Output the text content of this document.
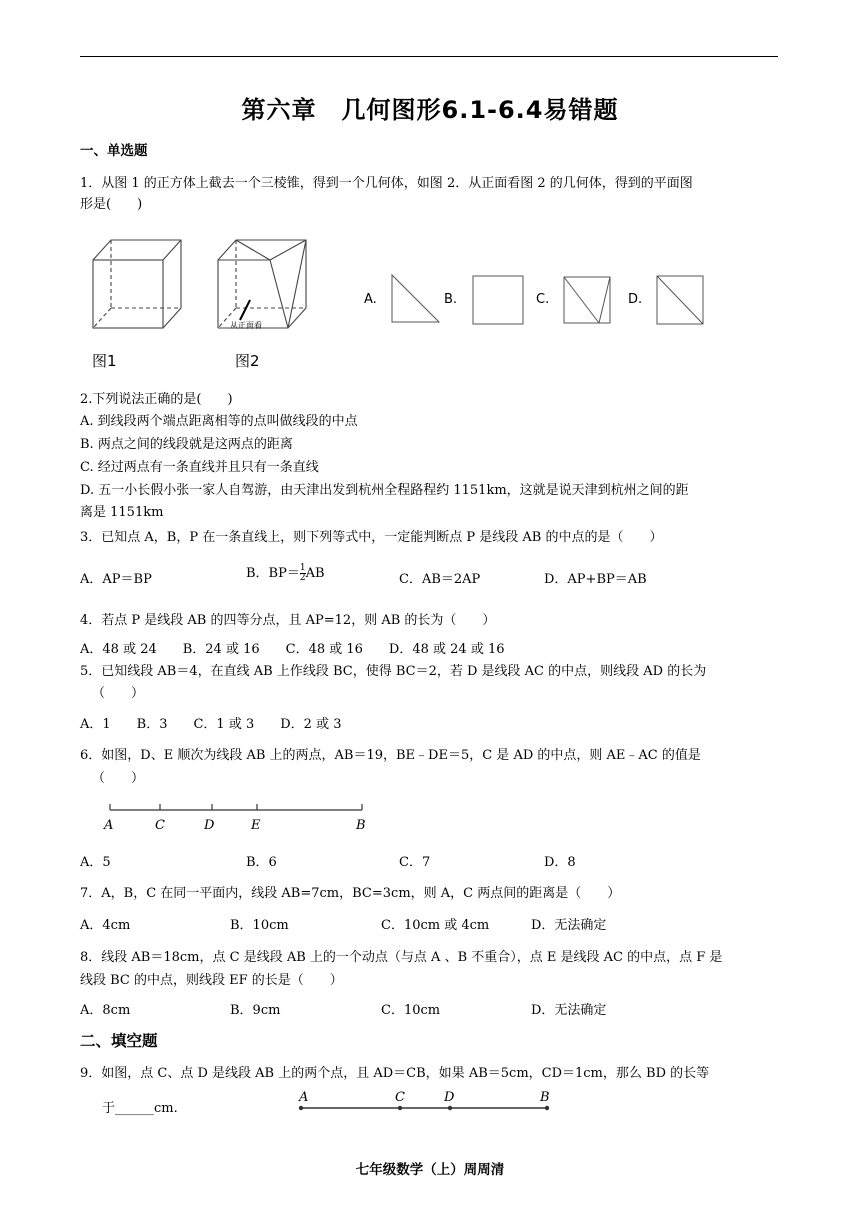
第六章　几何图形6.1-6.4易错题
一、单选题
1．从图 1 的正方体上截去一个三棱锥，得到一个几何体，如图 2．从正面看图 2 的几何体，得到的平面图
形是(　　)
图1
从正面看
图2
A.	B.	C.	D.
2.下列说法正确的是(　　)
A. 到线段两个端点距离相等的点叫做线段的中点
B. 两点之间的线段就是这两点的距离
C. 经过两点有一条直线并且只有一条直线
D. 五一小长假小张一家人自驾游，由天津出发到杭州全程路程约 1151km，这就是说天津到杭州之间的距
离是 1151km
3．已知点 A，B，P 在一条直线上，则下列等式中，一定能判断点 P 是线段 AB 的中点的是（　　）
A．AP＝BP	B．$BP= \frac{1}{2}$ AB	C．AB＝2AP	D．AP+BP＝AB
4．若点 P 是线段 AB 的四等分点，且 AP=12，则 AB 的长为（　　）
A．48 或 24　　B．24 或 16　　C．48 或 16　　D．48 或 24 或 16
5．已知线段 AB＝4，在直线 AB 上作线段 BC，使得 BC＝2，若 D 是线段 AC 的中点，则线段 AD 的长为
（　　）
A．1　　B．3　　C．1 或 3　　D．2 或 3
6．如图，D、E 顺次为线段 AB 上的两点，AB＝19，BE﹣DE＝5，C 是 AD 的中点，则 AE﹣AC 的值是
（　　）
A	C	D	E	B
A．5	B．6	C．7	D．8
7．A，B，C 在同一平面内，线段 AB=7cm，BC=3cm，则 A，C 两点间的距离是（　　）
A．4cm	B．10cm	C．10cm 或 4cm	D．无法确定
8．线段 AB＝18cm，点 C 是线段 AB 上的一个动点（与点 A 、B 不重合），点 E 是线段 AC 的中点，点 F 是
线段 BC 的中点，则线段 EF 的长是（　　）
A．8cm	B．9cm	C．10cm	D．无法确定
二、填空题
9．如图，点 C、点 D 是线段 AB 上的两个点，且 AD＝CB，如果 AB＝5cm，CD＝1cm，那么 BD 的长等
于______cm.
A	C	D	B
七年级数学（上）周周清
